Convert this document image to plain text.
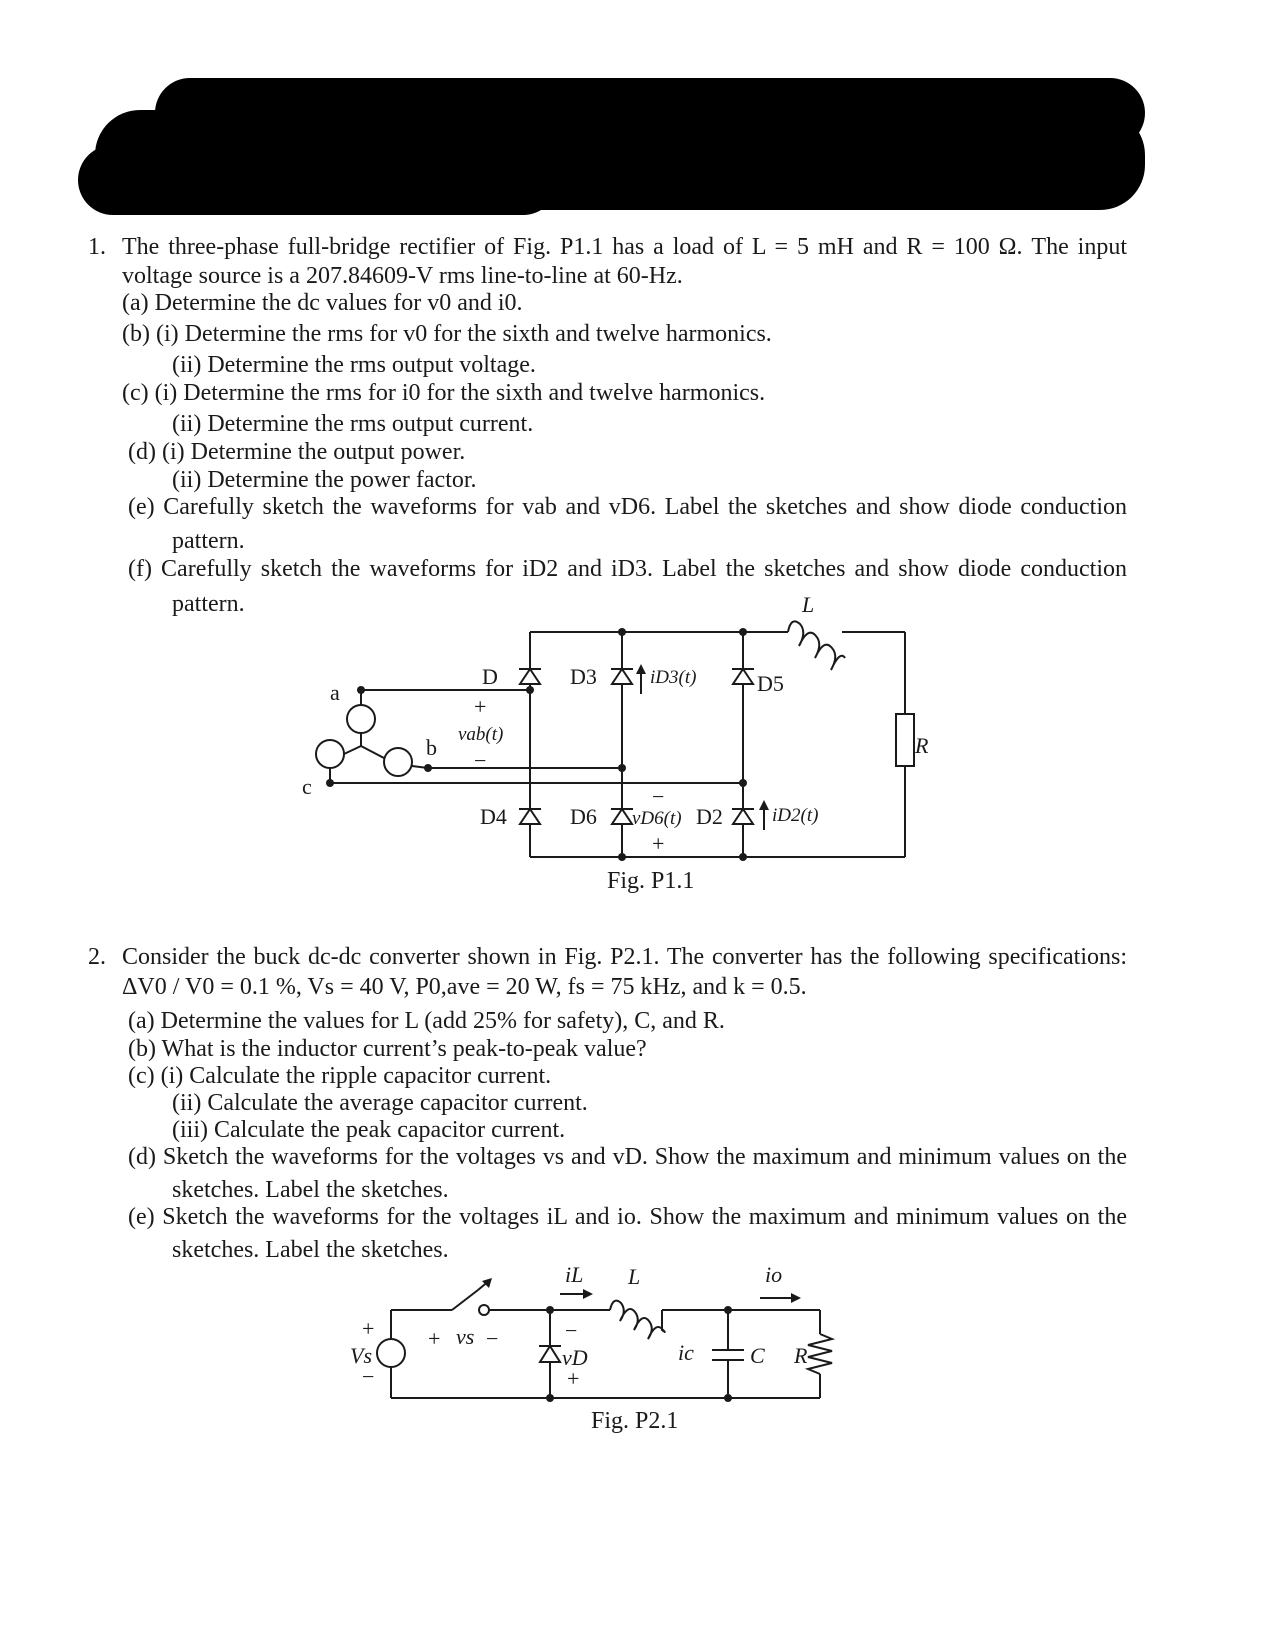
1. The three-phase full-bridge rectifier of Fig. P1.1 has a load of L = 5 mH and R = 100 Ω. The input
voltage source is a 207.84609-V rms line-to-line at 60-Hz.
(a) Determine the dc values for v0 and i0.
(b) (i) Determine the rms for v0 for the sixth and twelve harmonics.
(ii) Determine the rms output voltage.
(c) (i) Determine the rms for i0 for the sixth and twelve harmonics.
(ii) Determine the rms output current.
(d) (i) Determine the output power.
(ii) Determine the power factor.
(e) Carefully sketch the waveforms for vab and vD6. Label the sketches and show diode conduction
pattern.
(f) Carefully sketch the waveforms for iD2 and iD3. Label the sketches and show diode conduction
pattern.	L
R
a
b
c
D	D3	D5
D4	D6	D2
iD3(t)
iD2(t)
+
vab(t)
−
−
vD6(t)
+
Fig. P1.1
2. Consider the buck dc-dc converter shown in Fig. P2.1. The converter has the following specifications:
ΔV0 / V0 = 0.1 %, Vs = 40 V, P0,ave = 20 W, fs = 75 kHz, and k = 0.5.
(a) Determine the values for L (add 25% for safety), C, and R.
(b) What is the inductor current’s peak-to-peak value?
(c) (i) Calculate the ripple capacitor current.
(ii) Calculate the average capacitor current.
(iii) Calculate the peak capacitor current.
(d) Sketch the waveforms for the voltages vs and vD. Show the maximum and minimum values on the
sketches. Label the sketches.
(e) Sketch the waveforms for the voltages iL and io. Show the maximum and minimum values on the
sketches. Label the sketches.
iL L	io
+
Vs
−
+ vs −	−
vD
+
ic	C R
Fig. P2.1
